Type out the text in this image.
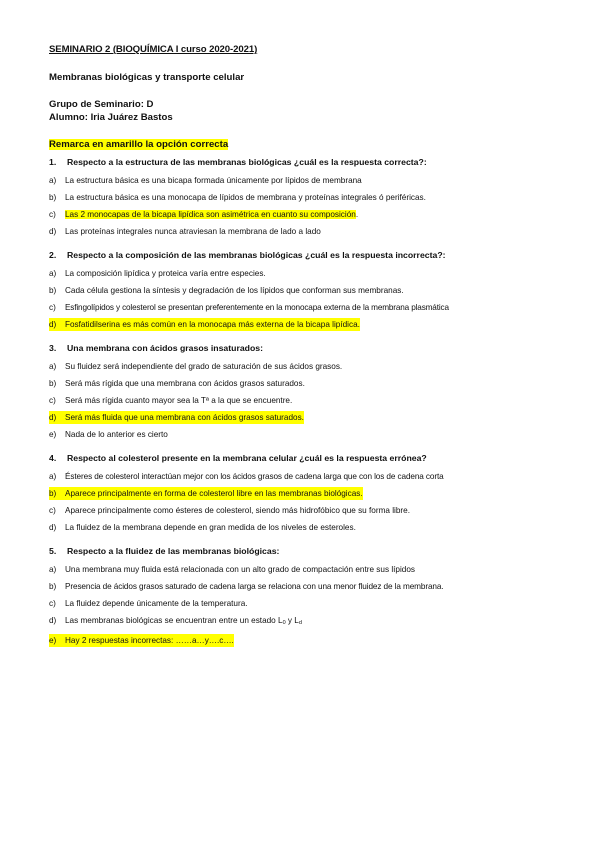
SEMINARIO 2 (BIOQUÍMICA I curso 2020-2021)
Membranas biológicas y transporte celular
Grupo de Seminario: D
Alumno: Iria Juárez Bastos
Remarca en amarillo la opción correcta
1.	Respecto a la estructura de las membranas biológicas ¿cuál es la respuesta correcta?:
a)	La estructura básica es una bicapa formada únicamente por lípidos de membrana
b)	La estructura básica es una monocapa de lípidos de membrana y proteínas integrales ó periféricas.
c)	Las 2 monocapas de la bicapa lipídica son asimétrica en cuanto su composición.
d)	Las proteínas integrales nunca atraviesan la membrana de lado a lado
2.	Respecto a la composición de las membranas biológicas ¿cuál es la respuesta incorrecta?:
a)	La composición lipídica y proteica varía entre especies.
b)	Cada célula gestiona la síntesis y degradación de los lípidos que conforman sus membranas.
c)	Esfingolípidos y colesterol se presentan preferentemente en la monocapa externa de la membrana plasmática
d)	Fosfatidilserina es más común en la monocapa más externa de la bicapa lipídica.
3.	Una membrana con ácidos grasos insaturados:
a)	Su fluidez será independiente del grado de saturación de sus ácidos grasos.
b)	Será más rígida que una membrana con ácidos grasos saturados.
c)	Será más rígida cuanto mayor sea la Tª a la que se encuentre.
d)	Será más fluida que una membrana con ácidos grasos saturados.
e)	Nada de lo anterior es cierto
4.	Respecto al colesterol presente en la membrana celular ¿cuál es la respuesta errónea?
a)	Ésteres de colesterol interactúan mejor con los ácidos grasos de cadena larga que con los de cadena corta
b)	Aparece principalmente en forma de colesterol libre en las membranas biológicas.
c)	Aparece principalmente como ésteres de colesterol, siendo más hidrofóbico que su forma libre.
d)	La fluidez de la membrana depende en gran medida de los niveles de esteroles.
5.	Respecto a la fluidez de las membranas biológicas:
a)	Una membrana muy fluida está relacionada con un alto grado de compactación entre sus lípidos
b)	Presencia de ácidos grasos saturado de cadena larga se relaciona con una menor fluidez de la membrana.
c)	La fluidez depende únicamente de la temperatura.
d)	Las membranas biológicas se encuentran entre un estado L0 y Ld
e)	Hay 2 respuestas incorrectas: ……a…y….c….
